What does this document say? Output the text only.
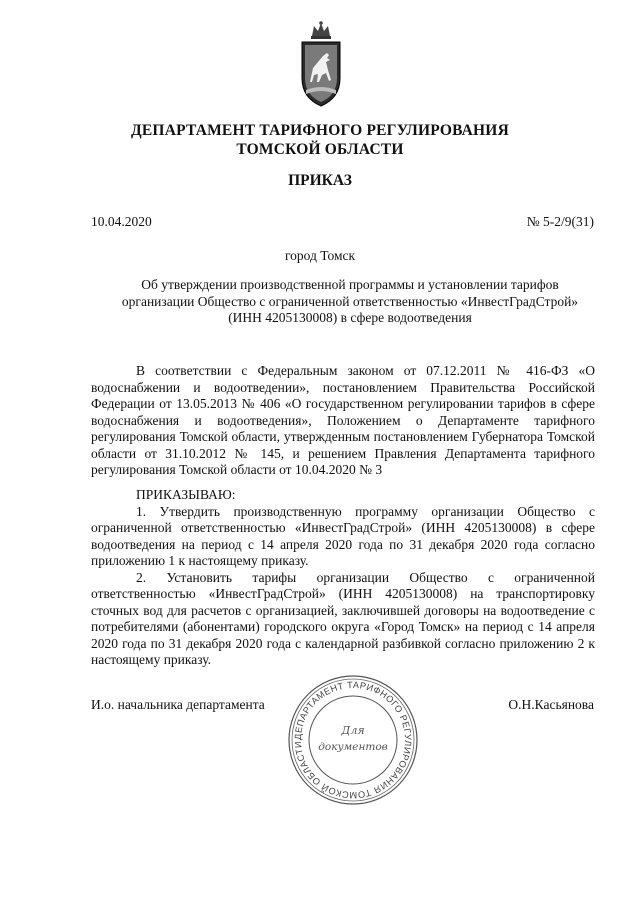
ДЕПАРТАМЕНТ ТАРИФНОГО РЕГУЛИРОВАНИЯ
ТОМСКОЙ ОБЛАСТИ
ПРИКАЗ
10.04.2020	№ 5-2/9(31)
город Томск
Об утверждении производственной программы и установлении тарифов
организации Общество с ограниченной ответственностью «ИнвестГрадСтрой»
(ИНН 4205130008) в сфере водоотведения

В соответствии с Федеральным законом от 07.12.2011 № 416-ФЗ «О водоснабжении и водоотведении», постановлением Правительства Российской Федерации от 13.05.2013 № 406 «О государственном регулировании тарифов в сфере водоснабжения и водоотведения», Положением о Департаменте тарифного регулирования Томской области, утвержденным постановлением Губернатора Томской области от 31.10.2012 № 145, и решением Правления Департамента тарифного регулирования Томской области от 10.04.2020 № 3

ПРИКАЗЫВАЮ:

1. Утвердить производственную программу организации Общество с ограниченной ответственностью «ИнвестГрадСтрой» (ИНН 4205130008) в сфере водоотведения на период с 14 апреля 2020 года по 31 декабря 2020 года согласно приложению 1 к настоящему приказу.

2. Установить тарифы организации Общество с ограниченной ответственностью «ИнвестГрадСтрой» (ИНН 4205130008) на транспортировку сточных вод для расчетов с организацией, заключившей договоры на водоотведение с потребителями (абонентами) городского округа «Город Томск» на период с 14 апреля 2020 года по 31 декабря 2020 года с календарной разбивкой согласно приложению 2 к настоящему приказу.

И.о. начальника департамента	О.Н.Касьянова
ДЕПАРТАМЕНТ ТАРИФНОГО РЕГУЛИРОВАНИЯ ТОМСКОЙ ОБЛАСТИ
Для
документов
